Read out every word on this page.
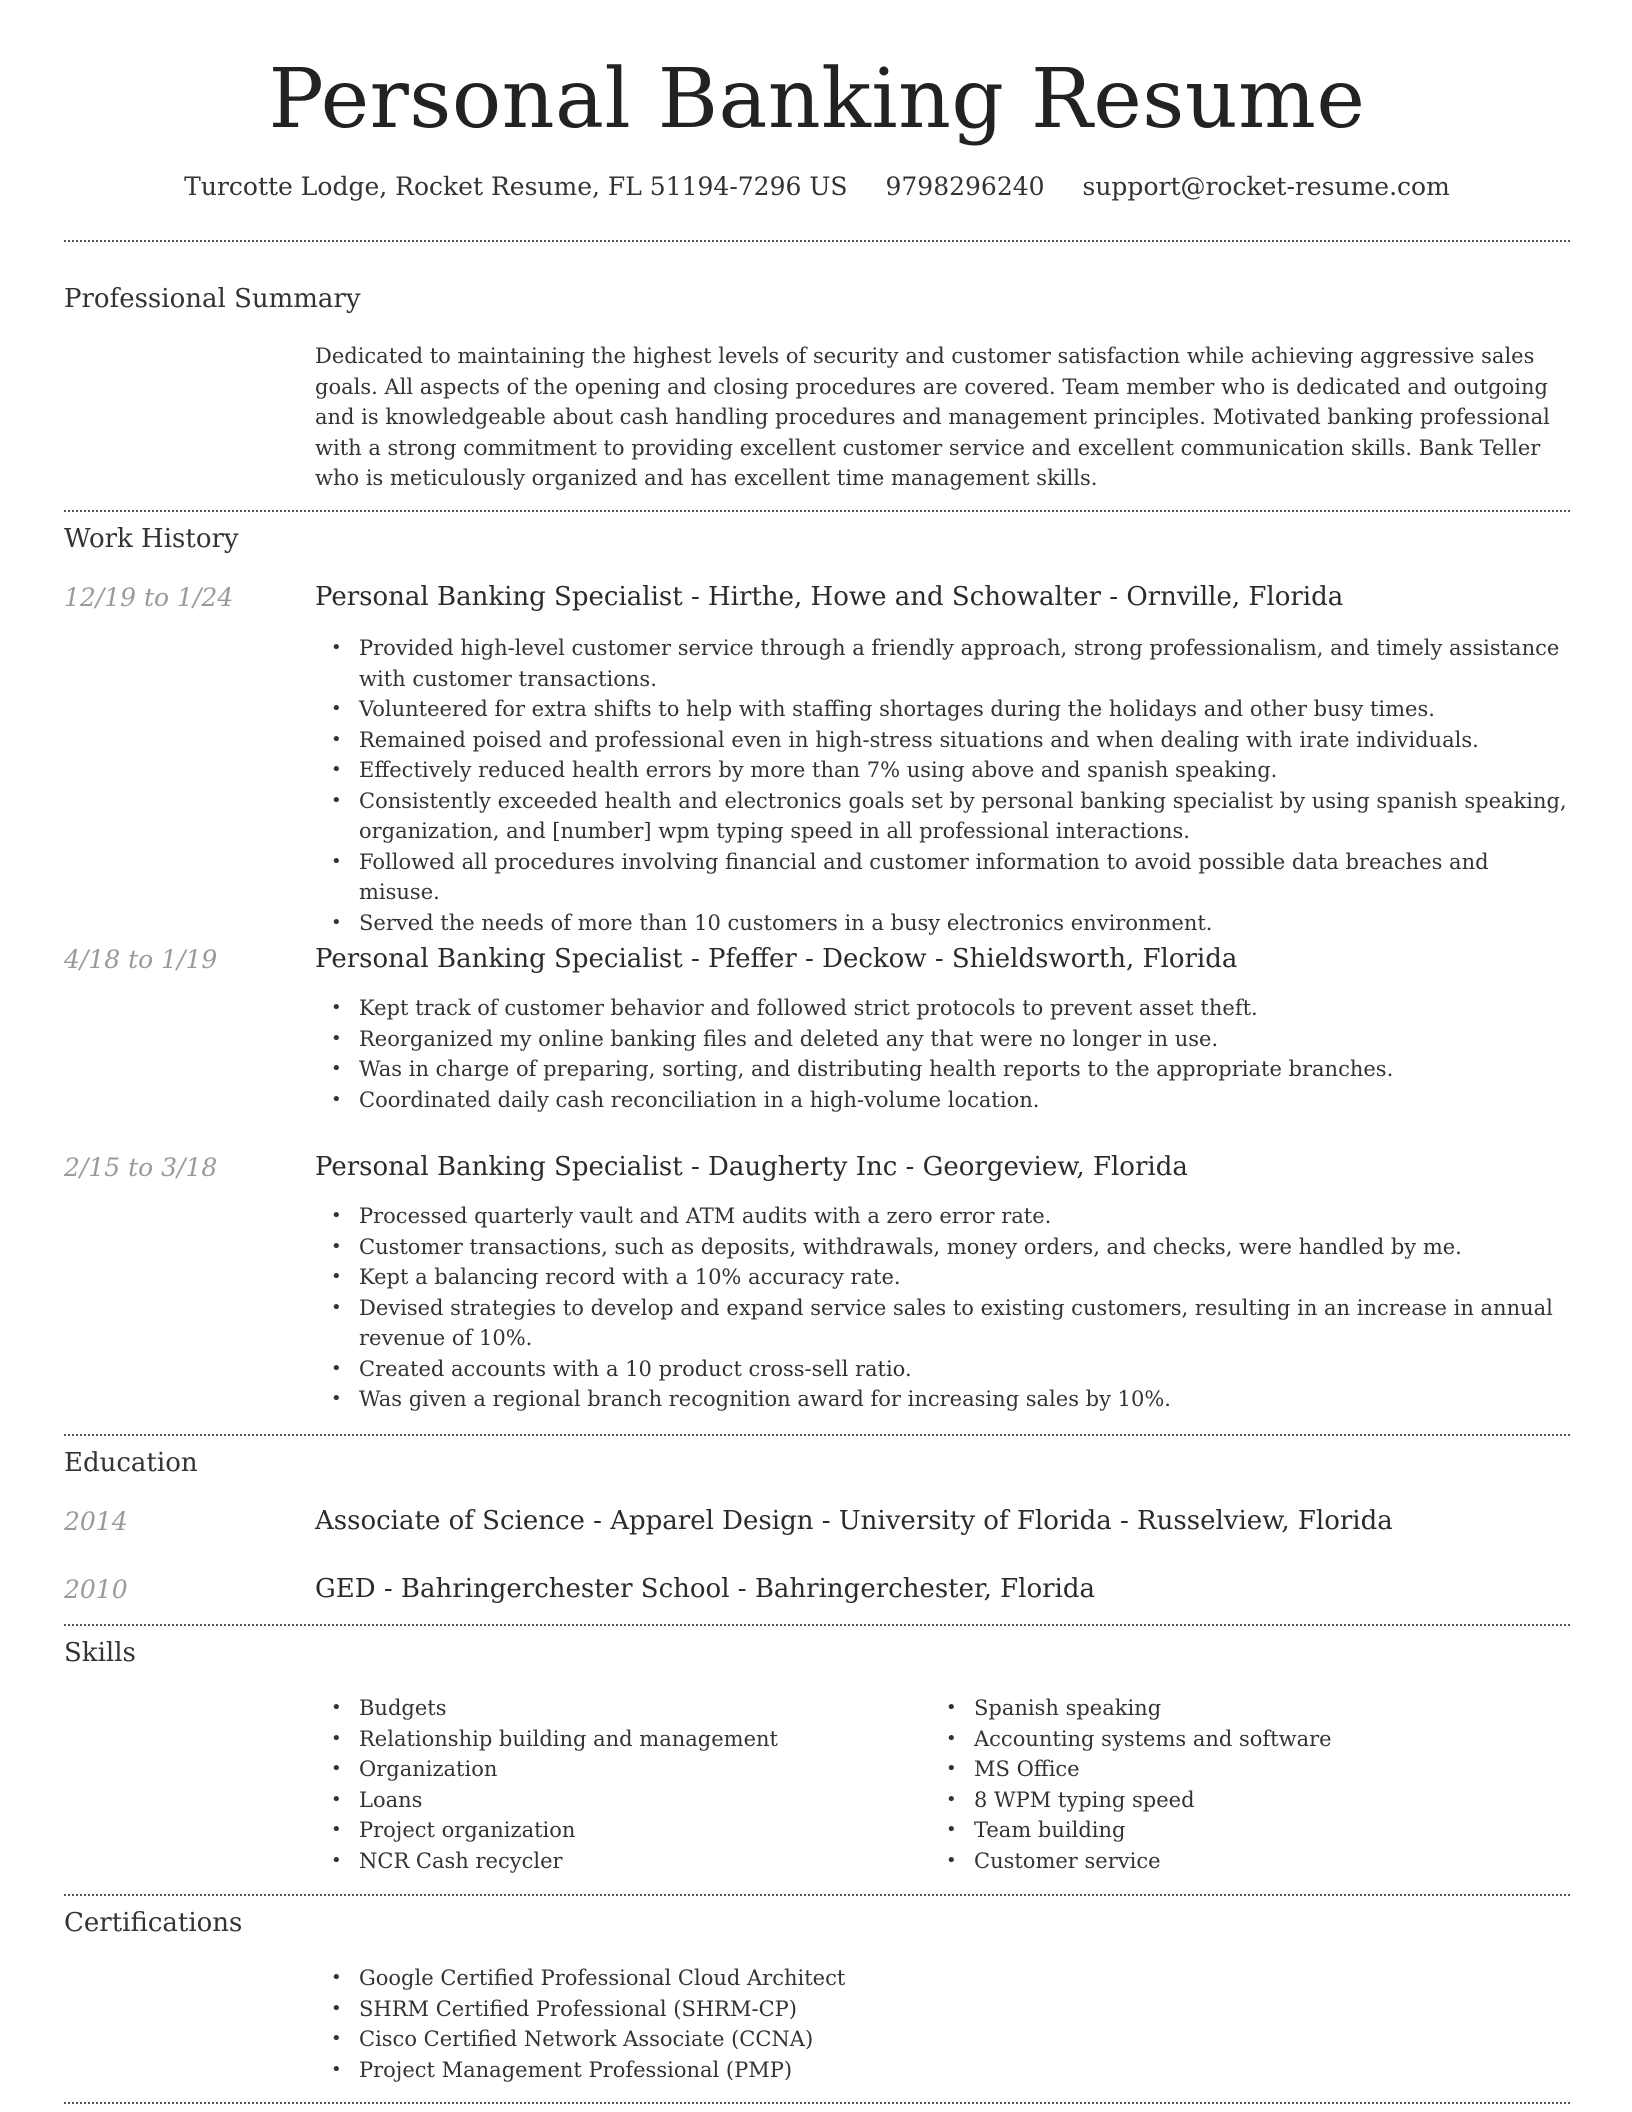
Personal Banking Resume
Turcotte Lodge, Rocket Resume, FL 51194-7296 US 9798296240 support@rocket-resume.com
Professional Summary

Dedicated to maintaining the highest levels of security and customer satisfaction while achieving aggressive sales goals. All aspects of the opening and closing procedures are covered. Team member who is dedicated and outgoing and is knowledgeable about cash handling procedures and management principles. Motivated banking professional with a strong commitment to providing excellent customer service and excellent communication skills. Bank Teller who is meticulously organized and has excellent time management skills.

Work History
12/19 to 1/24	Personal Banking Specialist - Hirthe, Howe and Schowalter - Ornville, Florida
• Provided high-level customer service through a friendly approach, strong professionalism, and timely assistance with customer transactions.
• Volunteered for extra shifts to help with staffing shortages during the holidays and other busy times.
• Remained poised and professional even in high-stress situations and when dealing with irate individuals.
• Effectively reduced health errors by more than 7% using above and spanish speaking.
• Consistently exceeded health and electronics goals set by personal banking specialist by using spanish speaking, organization, and [number] wpm typing speed in all professional interactions.
• Followed all procedures involving financial and customer information to avoid possible data breaches and misuse.
• Served the needs of more than 10 customers in a busy electronics environment.
4/18 to 1/19	Personal Banking Specialist - Pfeffer - Deckow - Shieldsworth, Florida
• Kept track of customer behavior and followed strict protocols to prevent asset theft.
• Reorganized my online banking files and deleted any that were no longer in use.
• Was in charge of preparing, sorting, and distributing health reports to the appropriate branches.
• Coordinated daily cash reconciliation in a high-volume location.
2/15 to 3/18	Personal Banking Specialist - Daugherty Inc - Georgeview, Florida
• Processed quarterly vault and ATM audits with a zero error rate.
• Customer transactions, such as deposits, withdrawals, money orders, and checks, were handled by me.
• Kept a balancing record with a 10% accuracy rate.
• Devised strategies to develop and expand service sales to existing customers, resulting in an increase in annual revenue of 10%.
• Created accounts with a 10 product cross-sell ratio.
• Was given a regional branch recognition award for increasing sales by 10%.
Education
2014	Associate of Science - Apparel Design - University of Florida - Russelview, Florida
2010	GED - Bahringerchester School - Bahringerchester, Florida
Skills
• Budgets
• Relationship building and management
• Organization
• Loans
• Project organization
• NCR Cash recycler
• Spanish speaking
• Accounting systems and software
• MS Office
• 8 WPM typing speed
• Team building
• Customer service
Certifications
• Google Certified Professional Cloud Architect
• SHRM Certified Professional (SHRM-CP)
• Cisco Certified Network Associate (CCNA)
• Project Management Professional (PMP)
